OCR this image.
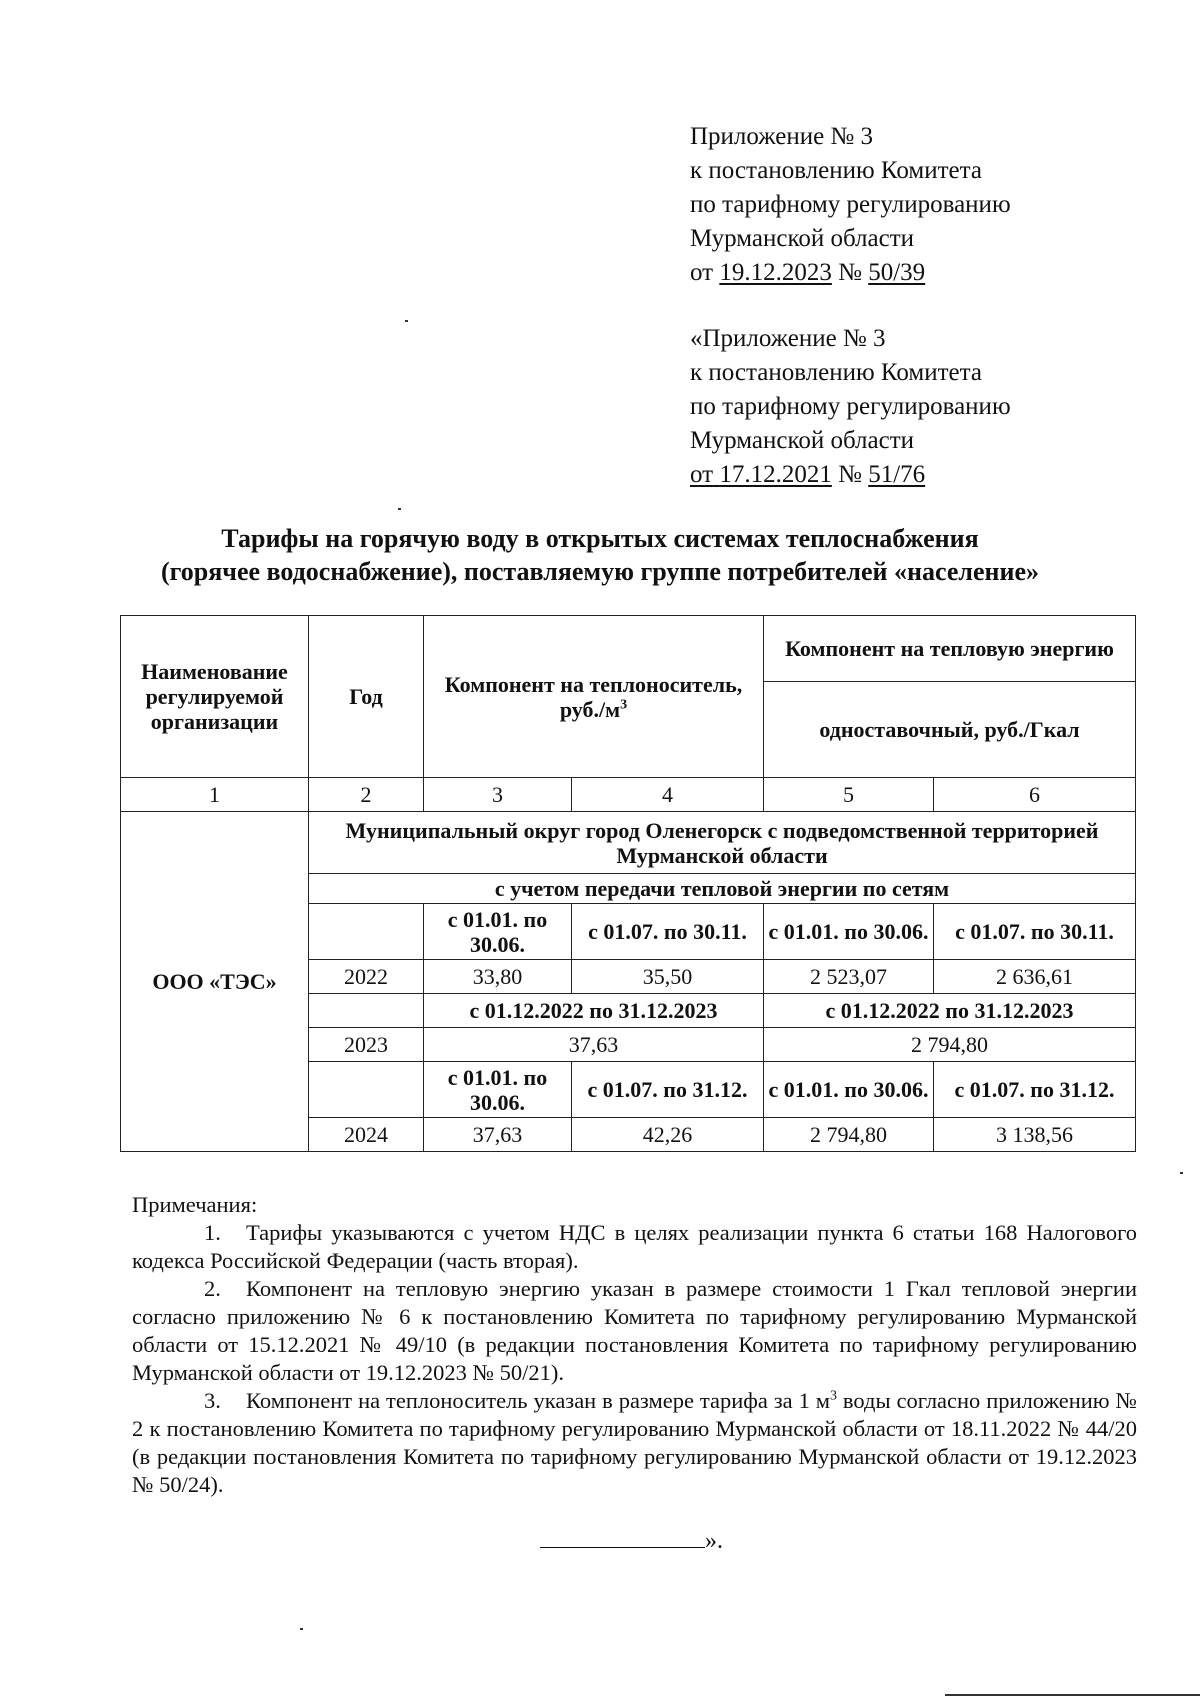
Приложение № 3
к постановлению Комитета
по тарифному регулированию
Мурманской области
от 19.12.2023 № 50/39
«Приложение № 3
к постановлению Комитета
по тарифному регулированию
Мурманской области
от 17.12.2021 № 51/76
Тарифы на горячую воду в открытых системах теплоснабжения
(горячее водоснабжение), поставляемую группе потребителей «население»
Наименование регулируемой организации	Год	Компонент на теплоноситель, $руб./м^3$		Компонент на тепловую энергию	
				одноставочный, руб./Гкал	
1	2	3	4	5	6
ООО «ТЭС»	Муниципальный округ город Оленегорск с подведомственной территорией Мурманской области				
	с учетом передачи тепловой энергии по сетям				
		с 01.01. по 30.06.	с 01.07. по 30.11.	с 01.01. по 30.06.	с 01.07. по 30.11.
	2022	33,80	35,50	2 523,07	2 636,61
		с 01.12.2022 по 31.12.2023		с 01.12.2022 по 31.12.2023	
	2023	37,63		2 794,80	
		с 01.01. по 30.06.	с 01.07. по 31.12.	с 01.01. по 30.06.	с 01.07. по 31.12.
	2024	37,63	42,26	2 794,80	3 138,56

Примечания:

1. Тарифы указываются с учетом НДС в целях реализации пункта 6 статьи 168 Налогового кодекса Российской Федерации (часть вторая).

2. Компонент на тепловую энергию указан в размере стоимости 1 Гкал тепловой энергии согласно приложению № 6 к постановлению Комитета по тарифному регулированию Мурманской области от 15.12.2021 № 49/10 (в редакции постановления Комитета по тарифному регулированию Мурманской области от 19.12.2023 № 50/21).

3. Компонент на теплоноситель указан в размере тарифа за 1 $м^3$ воды согласно приложению № 2 к постановлению Комитета по тарифному регулированию Мурманской области от 18.11.2022 № 44/20 (в редакции постановления Комитета по тарифному регулированию Мурманской области от 19.12.2023 № 50/24).

».
